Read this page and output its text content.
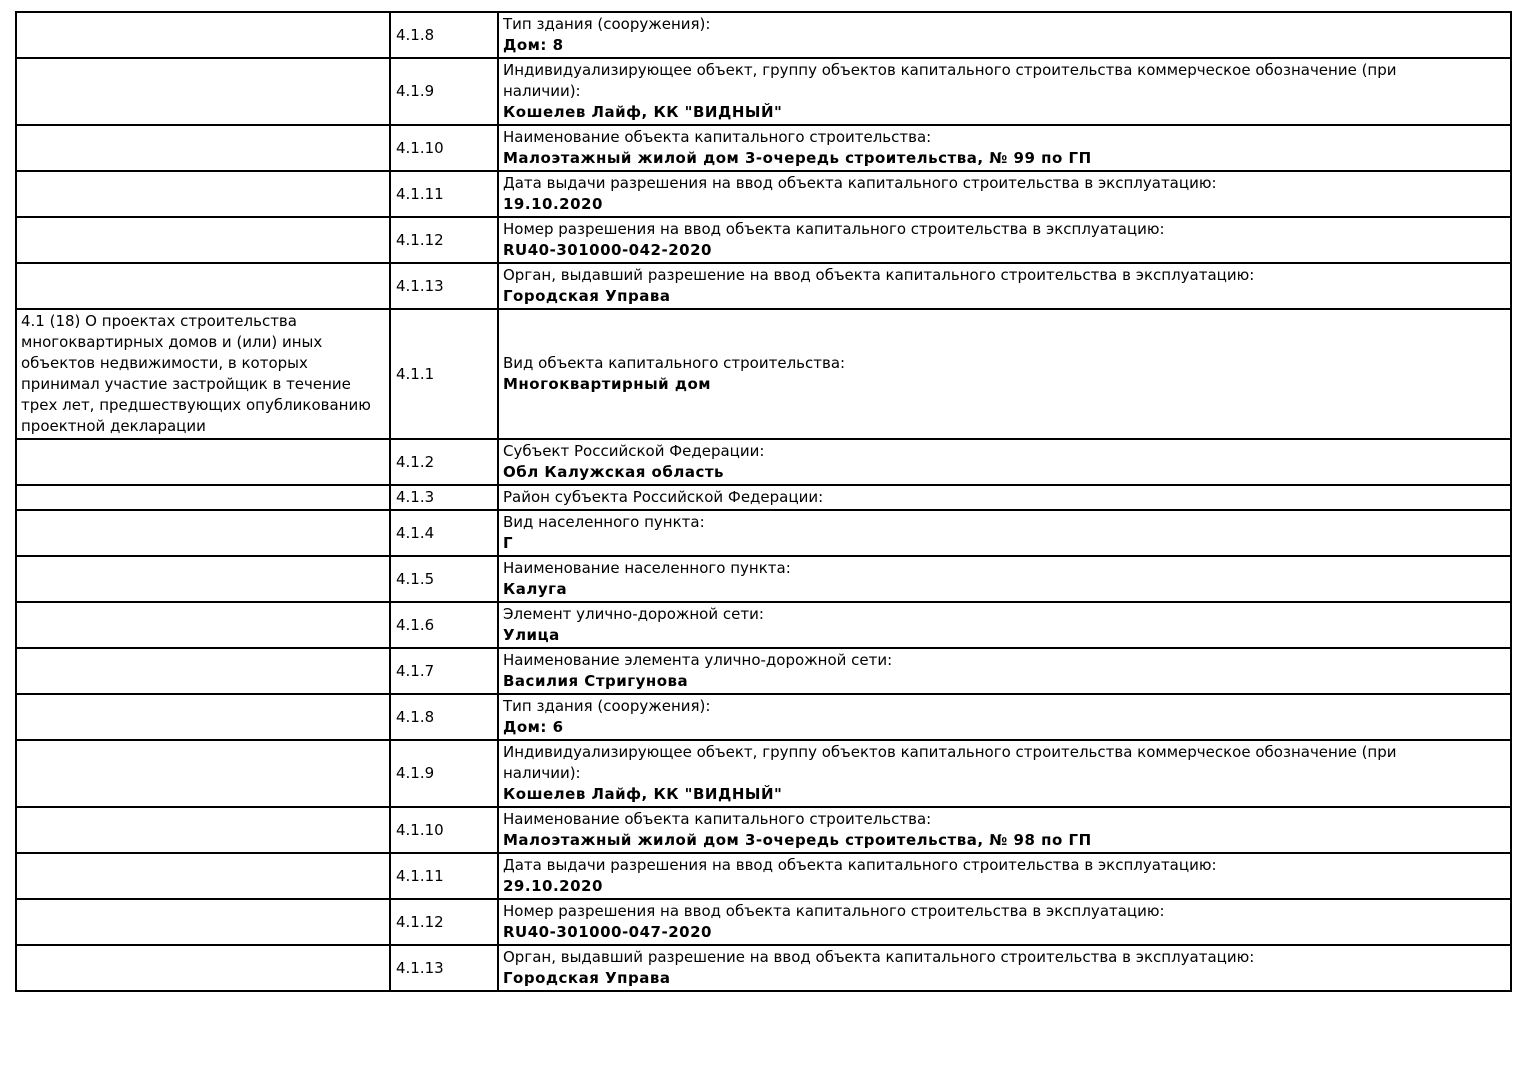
	4.1.8	Тип здания (сооружения):
Дом: 8

	4.1.9	Индивидуализирующее объект, группу объектов капитального строительства коммерческое обозначение (при наличии):
Кошелев Лайф, КК "ВИДНЫЙ"

	4.1.10	Наименование объекта капитального строительства:
Малоэтажный жилой дом 3-очередь строительства, № 99 по ГП

	4.1.11	Дата выдачи разрешения на ввод объекта капитального строительства в эксплуатацию:
19.10.2020

	4.1.12	Номер разрешения на ввод объекта капитального строительства в эксплуатацию:
RU40-301000-042-2020

	4.1.13	Орган, выдавший разрешение на ввод объекта капитального строительства в эксплуатацию:
Городская Управа

4.1 (18) О проектах строительства многоквартирных домов и (или) иных объектов недвижимости, в которых принимал участие застройщик в течение трех лет, предшествующих опубликованию проектной декларации	4.1.1	Вид объекта капитального строительства:
Многоквартирный дом

	4.1.2	Субъект Российской Федерации:
Обл Калужская область

	4.1.3	Район субъекта Российской Федерации:

	4.1.4	Вид населенного пункта:
Г

	4.1.5	Наименование населенного пункта:
Калуга

	4.1.6	Элемент улично-дорожной сети:
Улица

	4.1.7	Наименование элемента улично-дорожной сети:
Василия Стригунова

	4.1.8	Тип здания (сооружения):
Дом: 6

	4.1.9	Индивидуализирующее объект, группу объектов капитального строительства коммерческое обозначение (при наличии):
Кошелев Лайф, КК "ВИДНЫЙ"

	4.1.10	Наименование объекта капитального строительства:
Малоэтажный жилой дом 3-очередь строительства, № 98 по ГП

	4.1.11	Дата выдачи разрешения на ввод объекта капитального строительства в эксплуатацию:
29.10.2020

	4.1.12	Номер разрешения на ввод объекта капитального строительства в эксплуатацию:
RU40-301000-047-2020

	4.1.13	Орган, выдавший разрешение на ввод объекта капитального строительства в эксплуатацию:
Городская Управа
